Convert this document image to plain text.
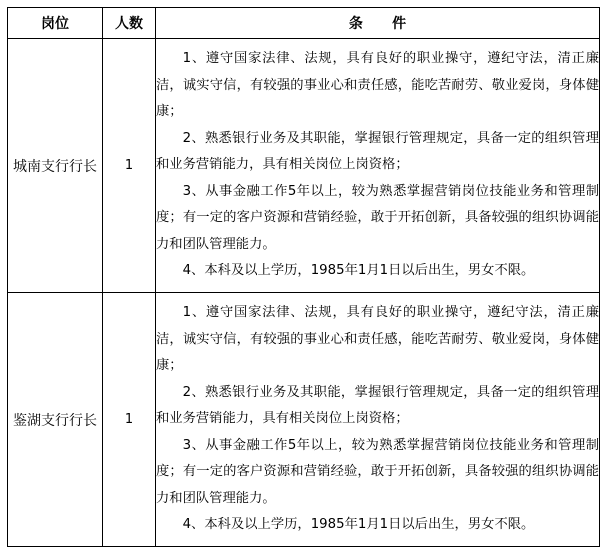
岗位	人数	条      件
城南支行行长	1	1、遵守国家法律、法规，具有良好的职业操守，遵纪守法，清正廉洁，诚实守信，有较强的事业心和责任感，能吃苦耐劳、敬业爱岗，身体健康；

2、熟悉银行业务及其职能，掌握银行管理规定，具备一定的组织管理和业务营销能力，具有相关岗位上岗资格；

3、从事金融工作5年以上，较为熟悉掌握营销岗位技能业务和管理制度；有一定的客户资源和营销经验，敢于开拓创新，具备较强的组织协调能力和团队管理能力。

4、本科及以上学历，1985年1月1日以后出生，男女不限。

鉴湖支行行长	1	1、遵守国家法律、法规，具有良好的职业操守，遵纪守法，清正廉洁，诚实守信，有较强的事业心和责任感，能吃苦耐劳、敬业爱岗，身体健康；

2、熟悉银行业务及其职能，掌握银行管理规定，具备一定的组织管理和业务营销能力，具有相关岗位上岗资格；

3、从事金融工作5年以上，较为熟悉掌握营销岗位技能业务和管理制度；有一定的客户资源和营销经验，敢于开拓创新，具备较强的组织协调能力和团队管理能力。

4、本科及以上学历，1985年1月1日以后出生，男女不限。
